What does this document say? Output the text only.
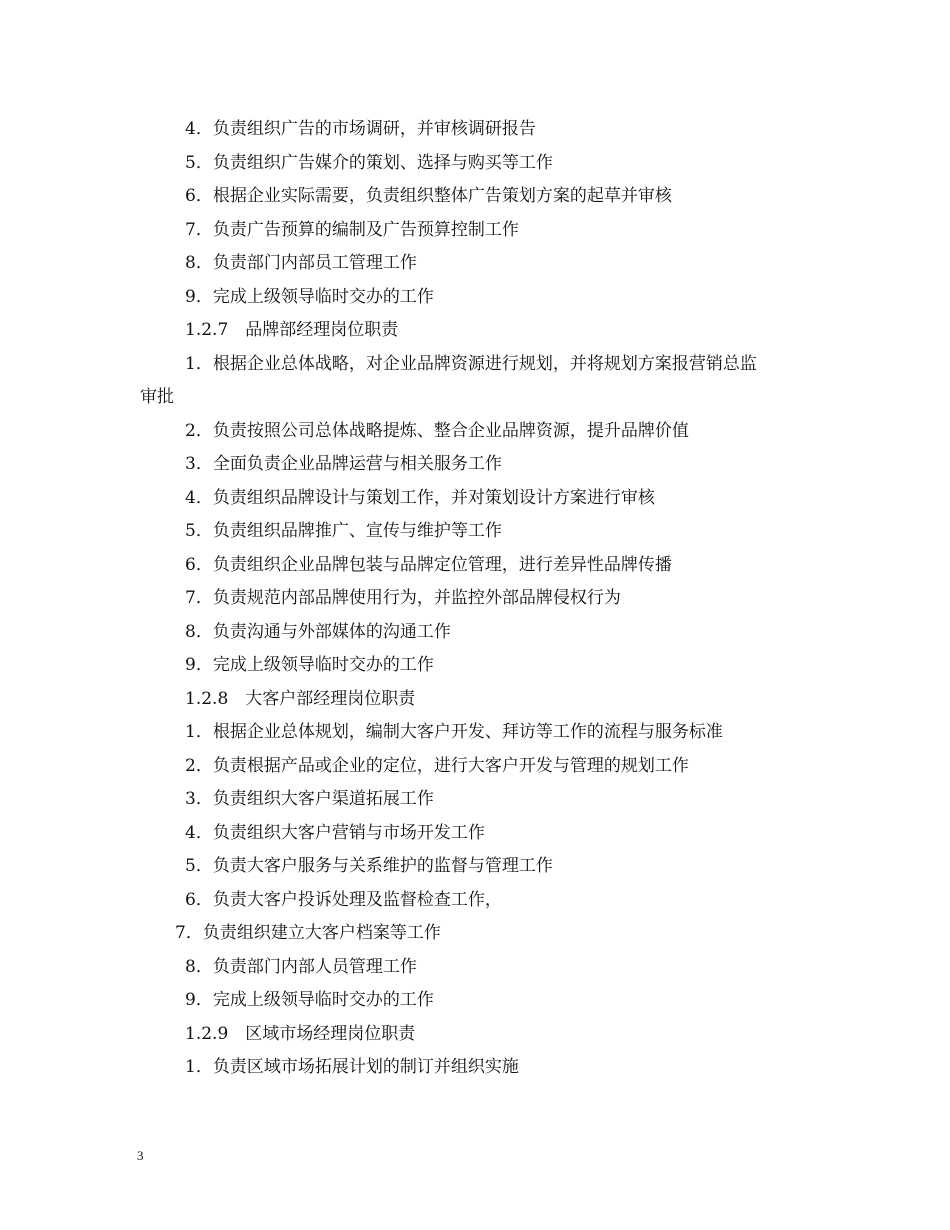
4．负责组织广告的市场调研，并审核调研报告
5．负责组织广告媒介的策划、选择与购买等工作
6．根据企业实际需要，负责组织整体广告策划方案的起草并审核
7．负责广告预算的编制及广告预算控制工作
8．负责部门内部员工管理工作
9．完成上级领导临时交办的工作
1.2.7　品牌部经理岗位职责
1．根据企业总体战略，对企业品牌资源进行规划，并将规划方案报营销总监
审批
2．负责按照公司总体战略提炼、整合企业品牌资源，提升品牌价值
3．全面负责企业品牌运营与相关服务工作
4．负责组织品牌设计与策划工作，并对策划设计方案进行审核
5．负责组织品牌推广、宣传与维护等工作
6．负责组织企业品牌包装与品牌定位管理，进行差异性品牌传播
7．负责规范内部品牌使用行为，并监控外部品牌侵权行为
8．负责沟通与外部媒体的沟通工作
9．完成上级领导临时交办的工作
1.2.8　大客户部经理岗位职责
1．根据企业总体规划，编制大客户开发、拜访等工作的流程与服务标准
2．负责根据产品或企业的定位，进行大客户开发与管理的规划工作
3．负责组织大客户渠道拓展工作
4．负责组织大客户营销与市场开发工作
5．负责大客户服务与关系维护的监督与管理工作
6．负责大客户投诉处理及监督检查工作，
7．负责组织建立大客户档案等工作
8．负责部门内部人员管理工作
9．完成上级领导临时交办的工作
1.2.9　区域市场经理岗位职责
1．负责区域市场拓展计划的制订并组织实施
3
